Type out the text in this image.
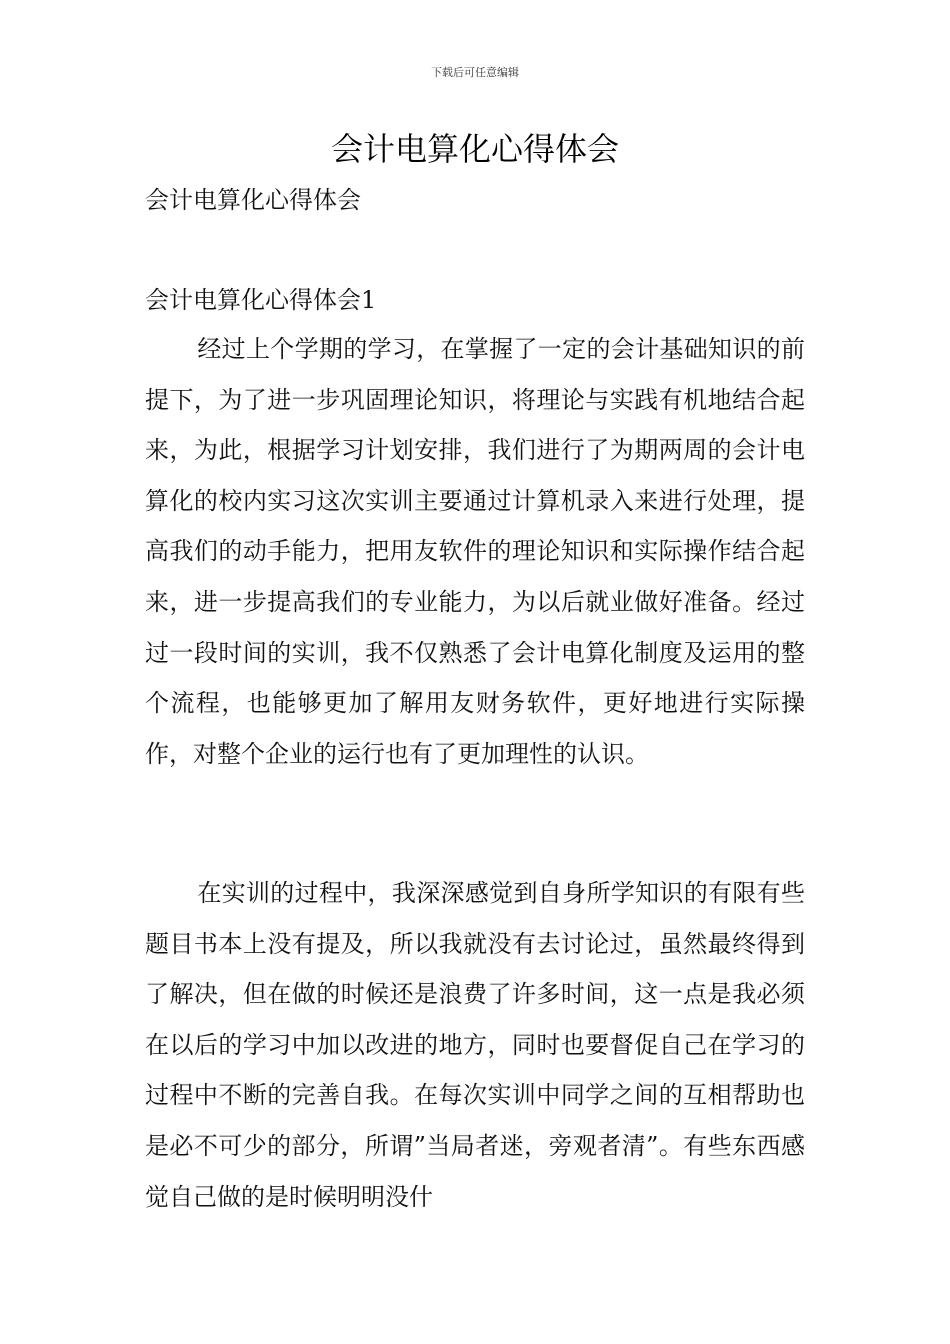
下载后可任意编辑
会计电算化心得体会
会计电算化心得体会
会计电算化心得体会1

经过上个学期的学习，在掌握了一定的会计基础知识的前提下，为了进一步巩固理论知识，将理论与实践有机地结合起来，为此，根据学习计划安排，我们进行了为期两周的会计电算化的校内实习这次实训主要通过计算机录入来进行处理，提高我们的动手能力，把用友软件的理论知识和实际操作结合起来，进一步提高我们的专业能力，为以后就业做好准备。经过过一段时间的实训，我不仅熟悉了会计电算化制度及运用的整个流程，也能够更加了解用友财务软件，更好地进行实际操作，对整个企业的运行也有了更加理性的认识。

在实训的过程中，我深深感觉到自身所学知识的有限有些题目书本上没有提及，所以我就没有去讨论过，虽然最终得到了解决，但在做的时候还是浪费了许多时间，这一点是我必须在以后的学习中加以改进的地方，同时也要督促自己在学习的过程中不断的完善自我。在每次实训中同学之间的互相帮助也是必不可少的部分，所谓”当局者迷，旁观者清”。有些东西感觉自己做的是时候明明没什
